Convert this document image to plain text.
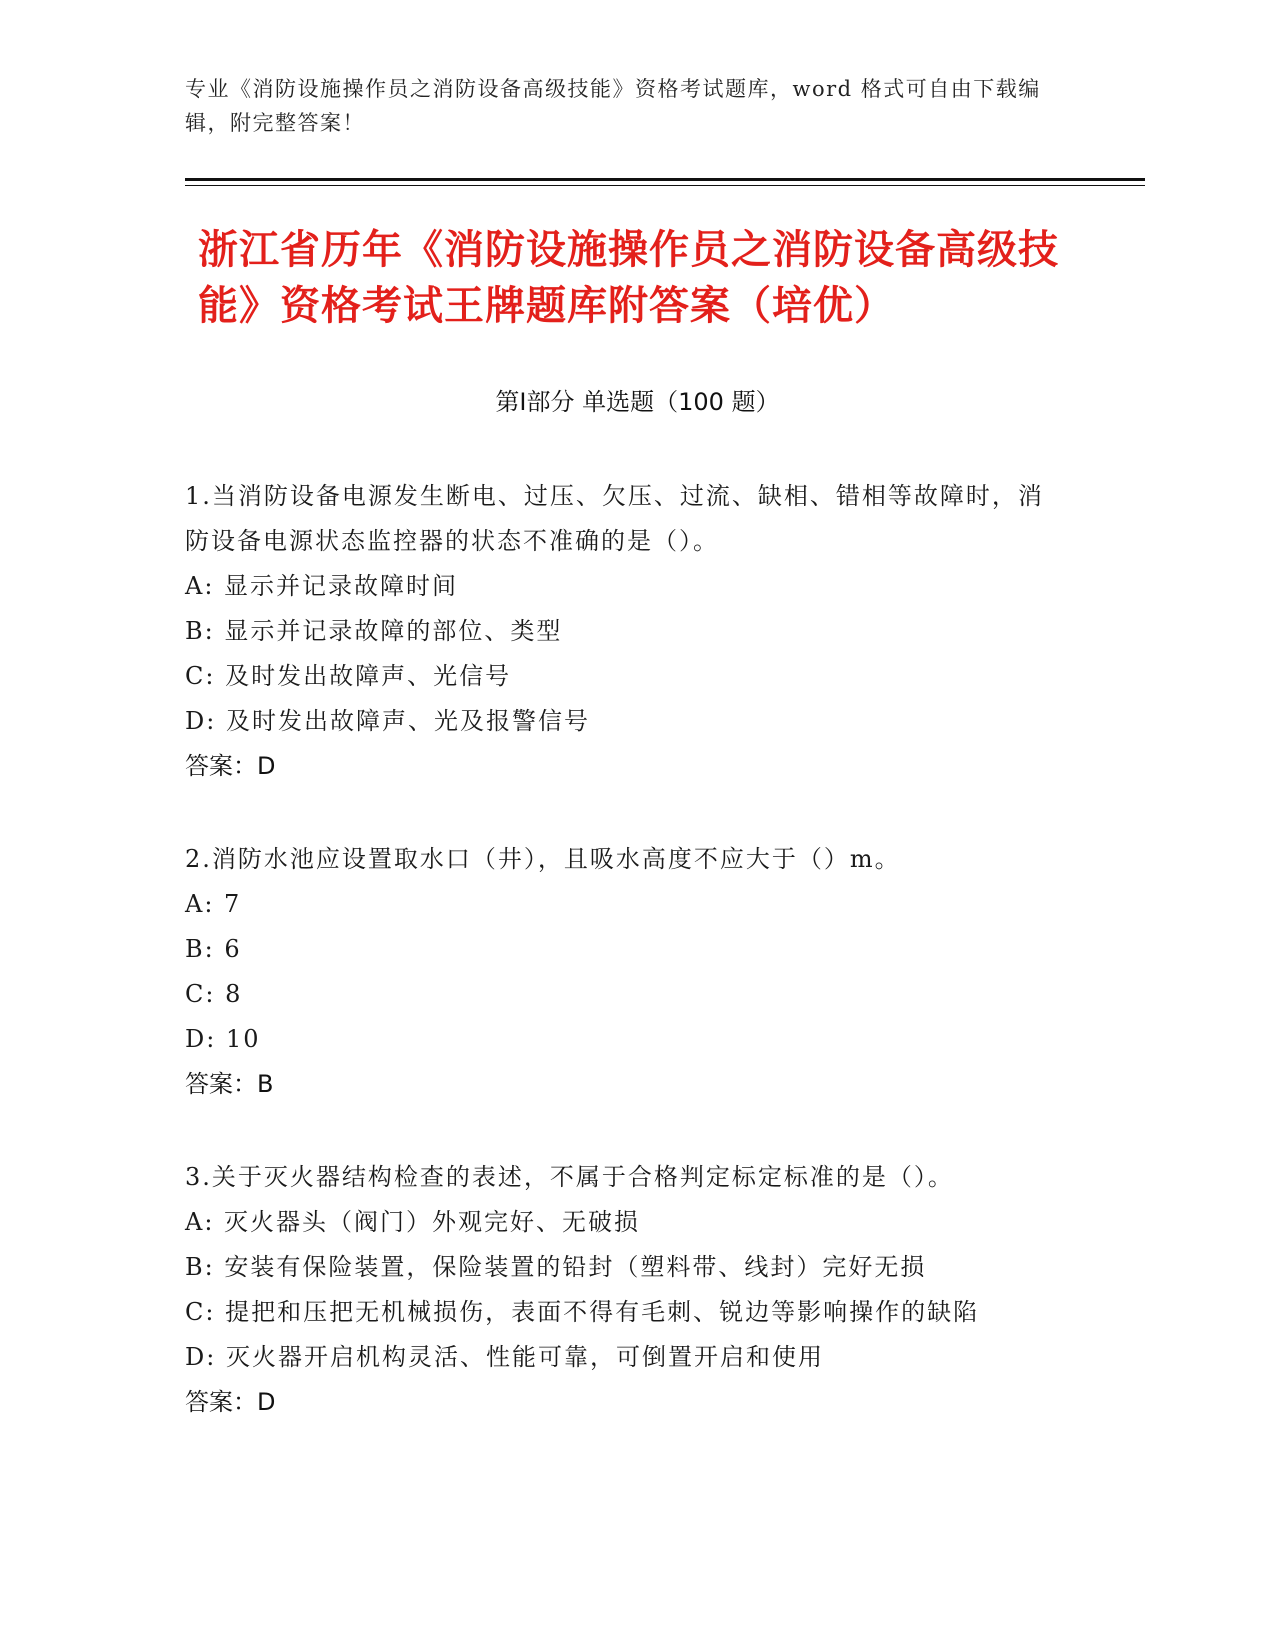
专业《消防设施操作员之消防设备高级技能》资格考试题库，word 格式可自由下载编辑，附完整答案！
浙江省历年《消防设施操作员之消防设备高级技能》资格考试王牌题库附答案（培优）
第Ⅰ部分 单选题（100 题）
1.当消防设备电源发生断电、过压、欠压、过流、缺相、错相等故障时，消防设备电源状态监控器的状态不准确的是（）。
A: 显示并记录故障时间
B: 显示并记录故障的部位、类型
C: 及时发出故障声、光信号
D: 及时发出故障声、光及报警信号
答案：D
2.消防水池应设置取水口（井），且吸水高度不应大于（）m。
A: 7
B: 6
C: 8
D: 10
答案：B
3.关于灭火器结构检查的表述，不属于合格判定标定标准的是（）。
A: 灭火器头（阀门）外观完好、无破损
B: 安装有保险装置，保险装置的铅封（塑料带、线封）完好无损
C: 提把和压把无机械损伤，表面不得有毛刺、锐边等影响操作的缺陷
D: 灭火器开启机构灵活、性能可靠，可倒置开启和使用
答案：D
